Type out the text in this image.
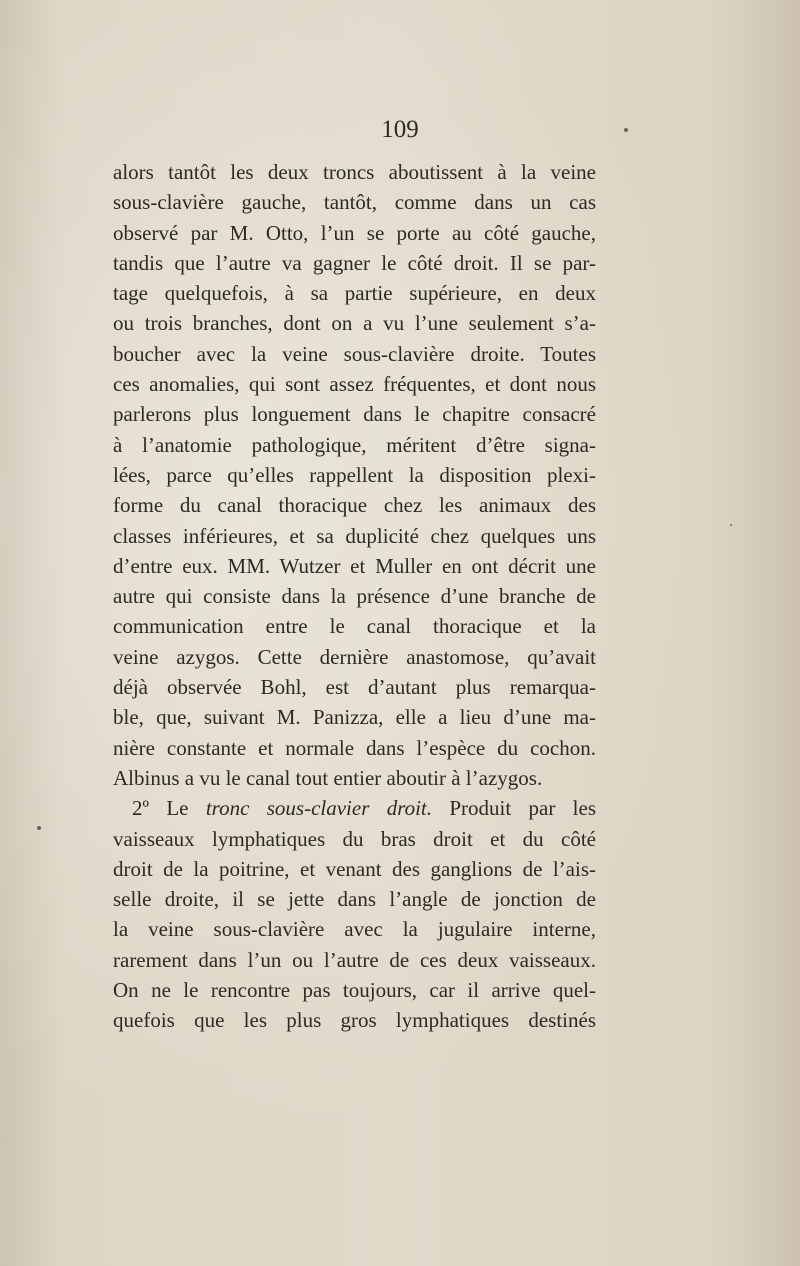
109

alors tantôt les deux troncs aboutissent à la veine
sous-clavière gauche, tantôt, comme dans un cas
observé par M. Otto, l’un se porte au côté gauche,
tandis que l’autre va gagner le côté droit. Il se par-
tage quelquefois, à sa partie supérieure, en deux
ou trois branches, dont on a vu l’une seulement s’a-
boucher avec la veine sous-clavière droite. Toutes
ces anomalies, qui sont assez fréquentes, et dont nous
parlerons plus longuement dans le chapitre consacré
à l’anatomie pathologique, méritent d’être signa-
lées, parce qu’elles rappellent la disposition plexi-
forme du canal thoracique chez les animaux des
classes inférieures, et sa duplicité chez quelques uns
d’entre eux. MM. Wutzer et Muller en ont décrit une
autre qui consiste dans la présence d’une branche de
communication entre le canal thoracique et la
veine azygos. Cette dernière anastomose, qu’avait
déjà observée Bohl, est d’autant plus remarqua-
ble, que, suivant M. Panizza, elle a lieu d’une ma-
nière constante et normale dans l’espèce du cochon.
Albinus a vu le canal tout entier aboutir à l’azygos.
2º Le tronc sous-clavier droit. Produit par les
vaisseaux lymphatiques du bras droit et du côté
droit de la poitrine, et venant des ganglions de l’ais-
selle droite, il se jette dans l’angle de jonction de
la veine sous-clavière avec la jugulaire interne,
rarement dans l’un ou l’autre de ces deux vaisseaux.
On ne le rencontre pas toujours, car il arrive quel-
quefois que les plus gros lymphatiques destinés
